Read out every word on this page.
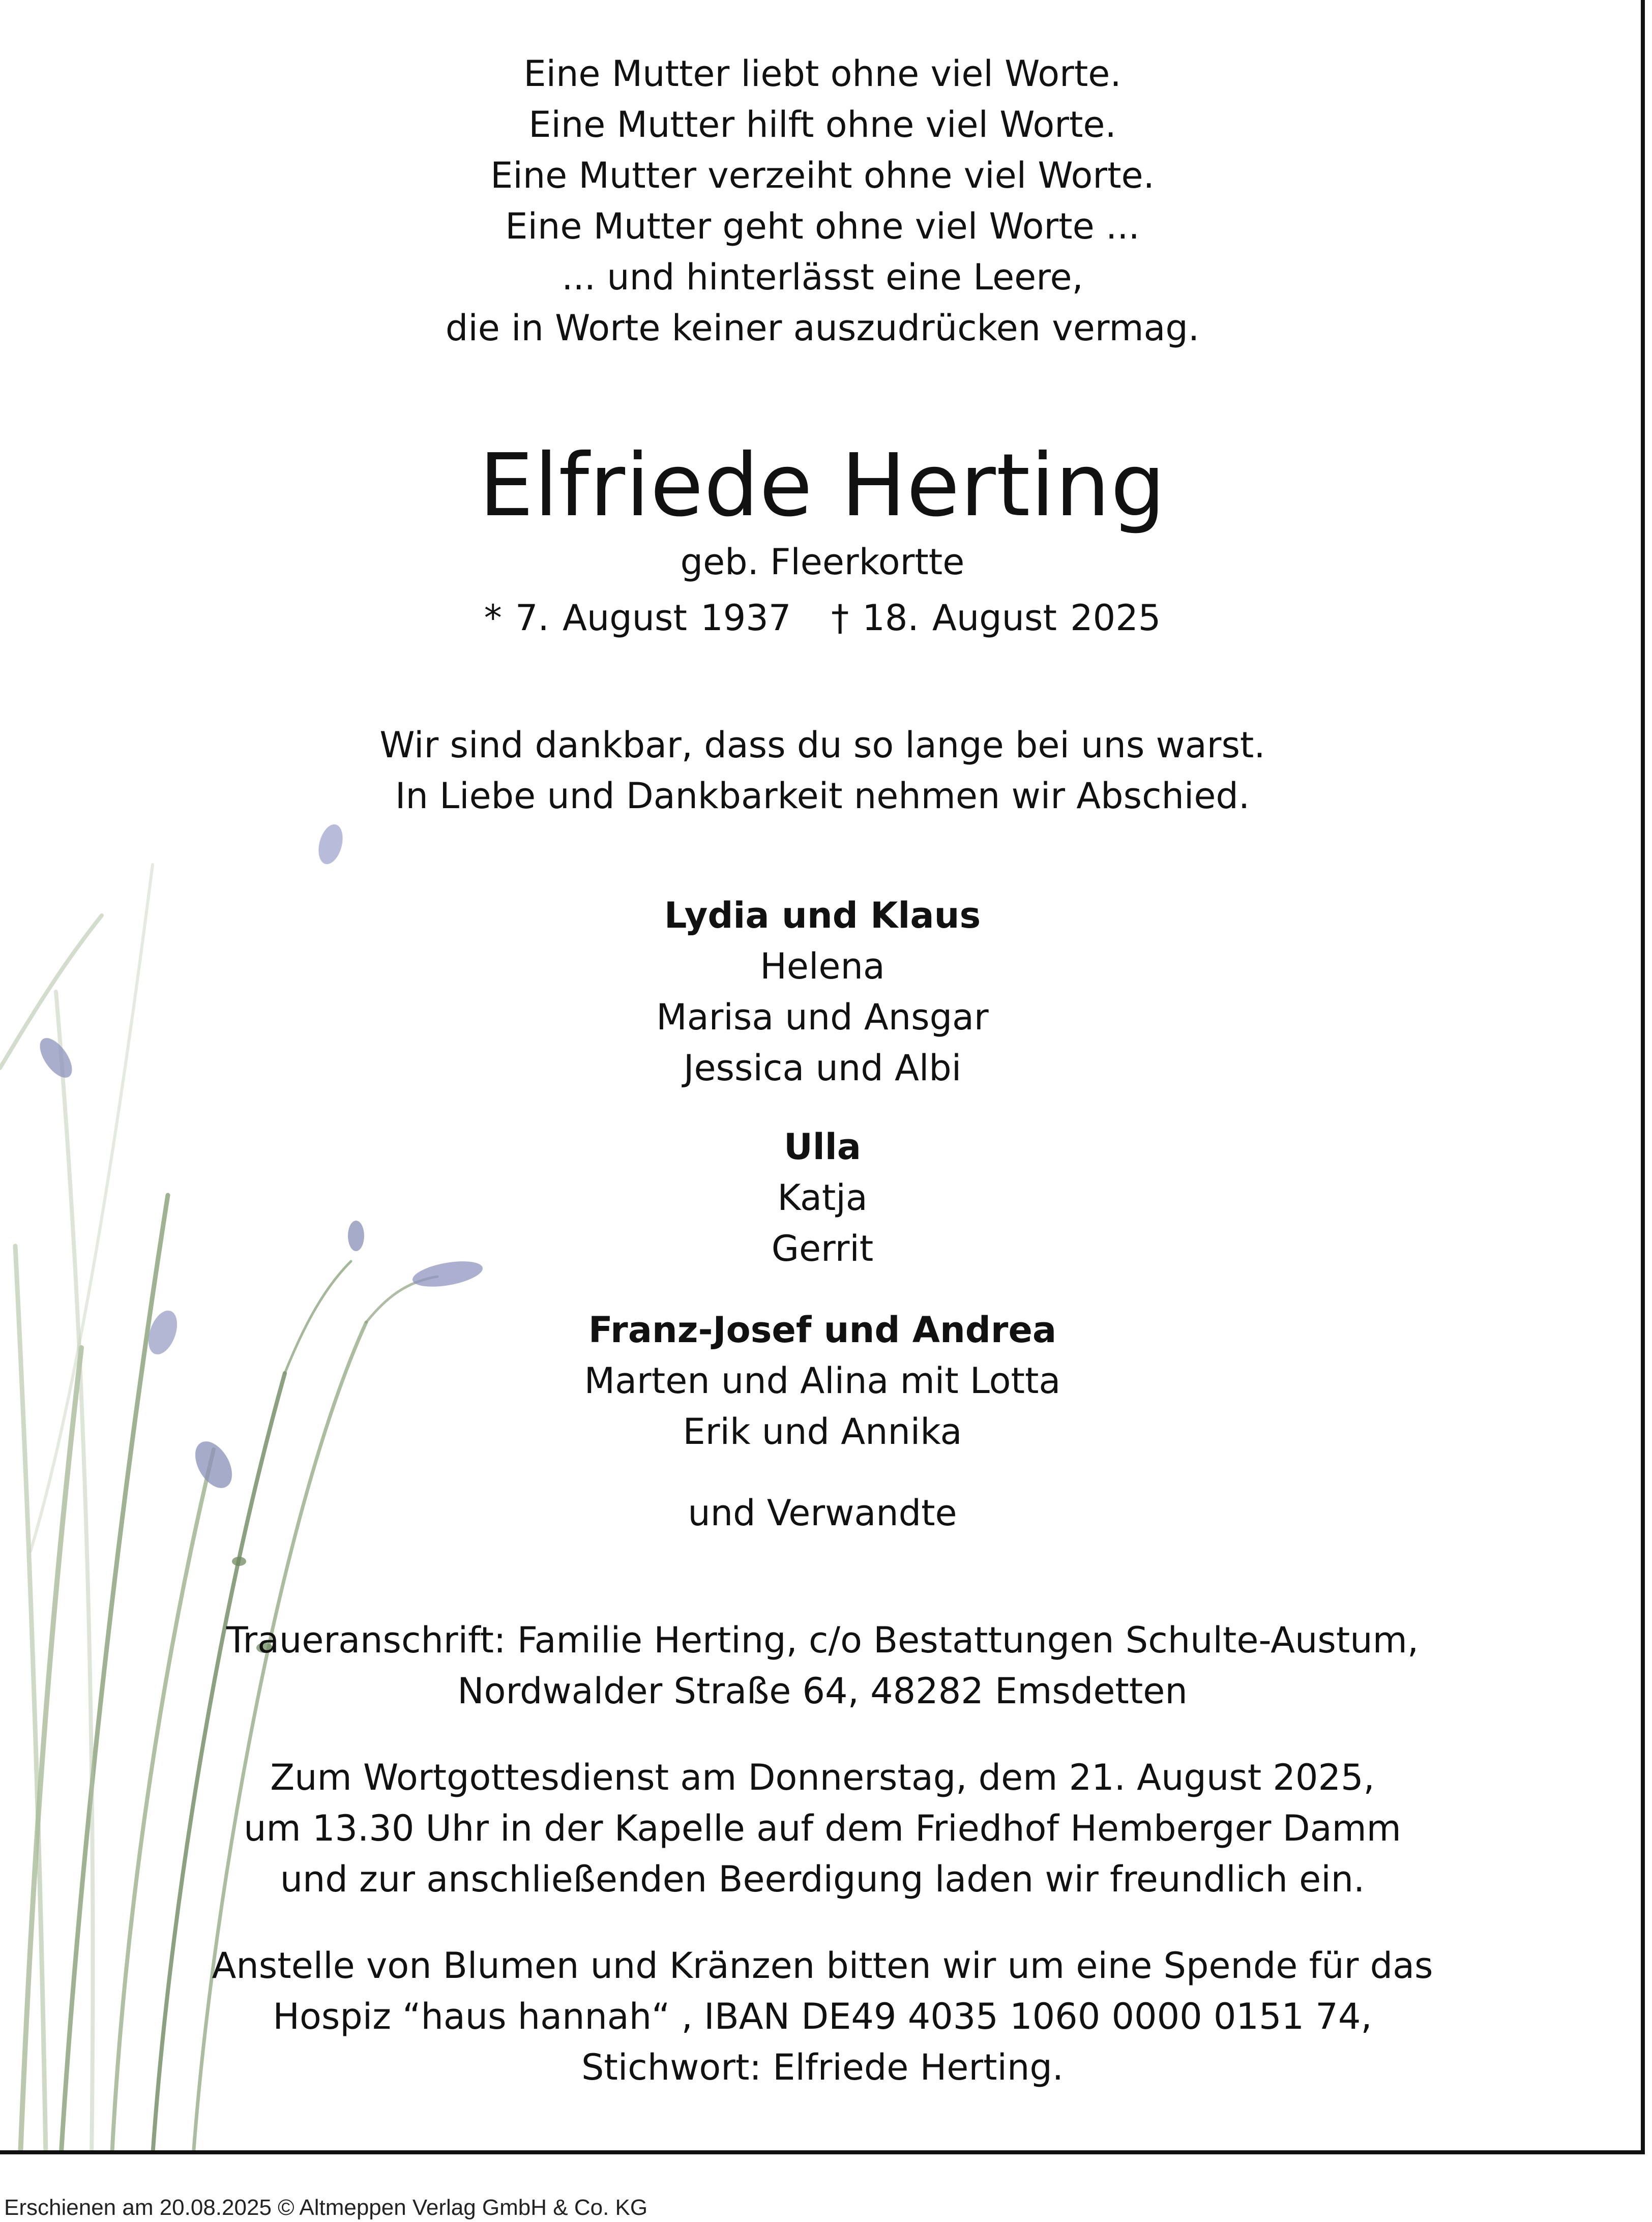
Eine Mutter liebt ohne viel Worte.
Eine Mutter hilft ohne viel Worte.
Eine Mutter verzeiht ohne viel Worte.
Eine Mutter geht ohne viel Worte ...
... und hinterlässt eine Leere,
die in Worte keiner auszudrücken vermag.
Elfriede Herting
geb. Fleerkortte
* 7. August 1937   † 18. August 2025
Wir sind dankbar, dass du so lange bei uns warst.
In Liebe und Dankbarkeit nehmen wir Abschied.
Lydia und Klaus
Helena
Marisa und Ansgar
Jessica und Albi
Ulla
Katja
Gerrit
Franz-Josef und Andrea
Marten und Alina mit Lotta
Erik und Annika
und Verwandte
Traueranschrift: Familie Herting, c/o Bestattungen Schulte-Austum,
Nordwalder Straße 64, 48282 Emsdetten
Zum Wortgottesdienst am Donnerstag, dem 21. August 2025,
um 13.30 Uhr in der Kapelle auf dem Friedhof Hemberger Damm
und zur anschließenden Beerdigung laden wir freundlich ein.
Anstelle von Blumen und Kränzen bitten wir um eine Spende für das
Hospiz “haus hannah“ , IBAN DE49 4035 1060 0000 0151 74,
Stichwort: Elfriede Herting.
Erschienen am 20.08.2025 © Altmeppen Verlag GmbH & Co. KG
